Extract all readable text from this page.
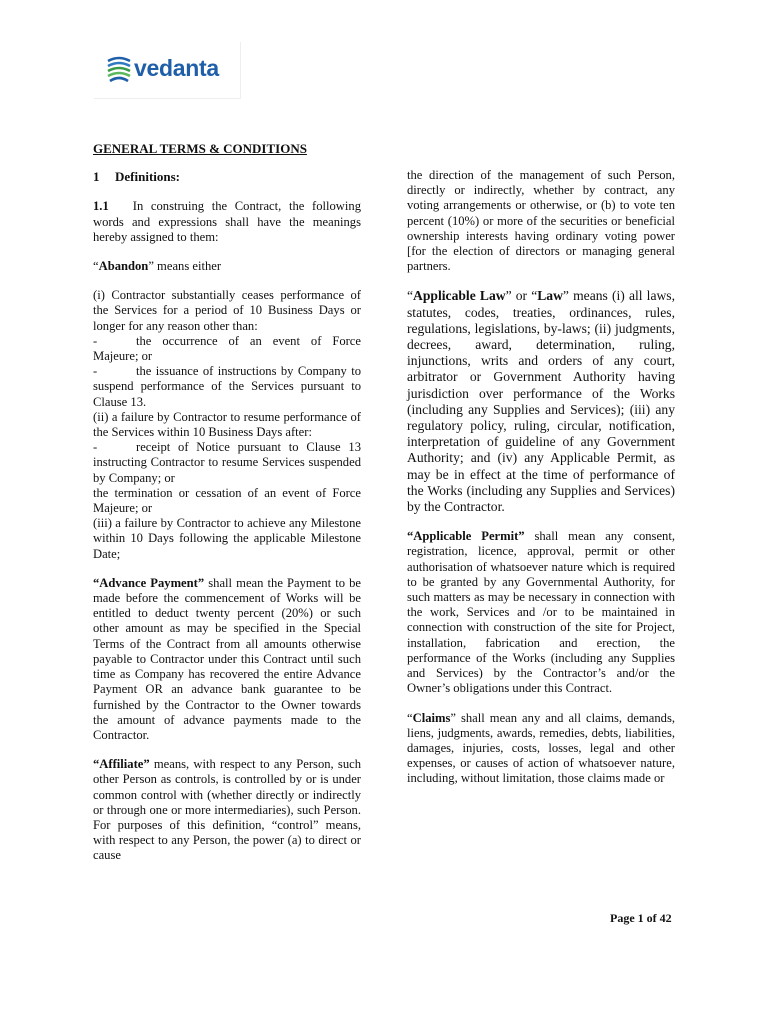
vedanta

GENERAL TERMS & CONDITIONS

1 Definitions:

1.1 In construing the Contract, the following words and expressions shall have the meanings hereby assigned to them:

“Abandon” means either

(i) Contractor substantially ceases performance of the Services for a period of 10 Business Days or longer for any reason other than:

-	the occurrence of an event of Force Majeure; or

-	the issuance of instructions by Company to suspend performance of the Services pursuant to Clause 13.

(ii) a failure by Contractor to resume performance of the Services within 10 Business Days after:

-	receipt of Notice pursuant to Clause 13 instructing Contractor to resume Services suspended by Company; or

the termination or cessation of an event of Force Majeure; or

(iii) a failure by Contractor to achieve any Milestone within 10 Days following the applicable Milestone Date;

“Advance Payment” shall mean the Payment to be made before the commencement of Works will be entitled to deduct twenty percent (20%) or such other amount as may be specified in the Special Terms of the Contract from all amounts otherwise payable to Contractor under this Contract until such time as Company has recovered the entire Advance Payment OR an advance bank guarantee to be furnished by the Contractor to the Owner towards the amount of advance payments made to the Contractor.

“Affiliate” means, with respect to any Person, such other Person as controls, is controlled by or is under common control with (whether directly or indirectly or through one or more intermediaries), such Person. For purposes of this definition, “control” means, with respect to any Person, the power (a) to direct or cause

the direction of the management of such Person, directly or indirectly, whether by contract, any voting arrangements or otherwise, or (b) to vote ten percent (10%) or more of the securities or beneficial ownership interests having ordinary voting power [for the election of directors or managing general partners.

“Applicable Law” or “Law” means (i) all laws, statutes, codes, treaties, ordinances, rules, regulations, legislations, by-laws; (ii) judgments, decrees, award, determination, ruling, injunctions, writs and orders of any court, arbitrator or Government Authority having jurisdiction over performance of the Works (including any Supplies and Services); (iii) any regulatory policy, ruling, circular, notification, interpretation of guideline of any Government Authority; and (iv) any Applicable Permit, as may be in effect at the time of performance of the Works (including any Supplies and Services) by the Contractor.

“Applicable Permit” shall mean any consent, registration, licence, approval, permit or other authorisation of whatsoever nature which is required to be granted by any Governmental Authority, for such matters as may be necessary in connection with the work, Services and /or to be maintained in connection with construction of the site for Project, installation, fabrication and erection, the performance of the Works (including any Supplies and Services) by the Contractor’s and/or the Owner’s obligations under this Contract.

“Claims” shall mean any and all claims, demands, liens, judgments, awards, remedies, debts, liabilities, damages, injuries, costs, losses, legal and other expenses, or causes of action of whatsoever nature, including, without limitation, those claims made or

Page 1 of 42
